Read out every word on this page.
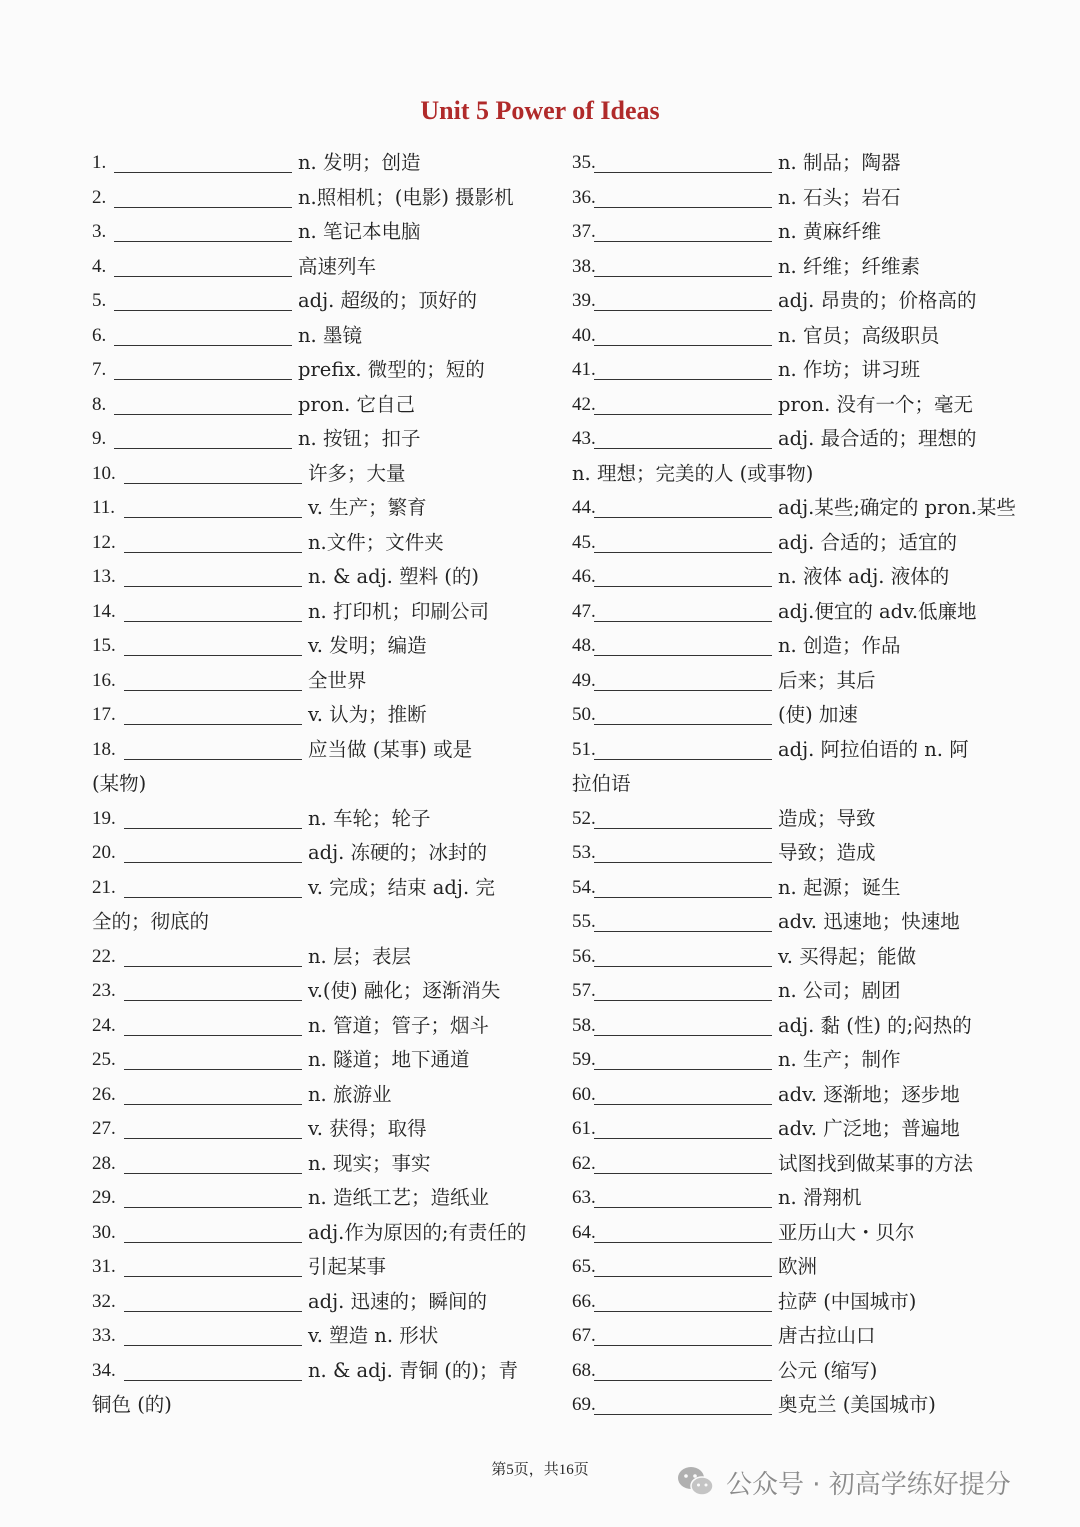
Unit 5 Power of Ideas
1.	n. 发明；创造
2.	n.照相机；(电影) 摄影机
3.	n. 笔记本电脑
4.	高速列车
5.	adj. 超级的；顶好的
6.	n. 墨镜
7.	prefix. 微型的；短的
8.	pron. 它自己
9.	n. 按钮；扣子
10.	许多；大量
11.	v. 生产；繁育
12.	n.文件；文件夹
13.	n. & adj. 塑料 (的)
14.	n. 打印机；印刷公司
15.	v. 发明；编造
16.	全世界
17.	v. 认为；推断
18.	应当做 (某事) 或是
(某物)
19.	n. 车轮；轮子
20.	adj. 冻硬的；冰封的
21.	v. 完成；结束 adj. 完
全的；彻底的
22.	n. 层；表层
23.	v.(使) 融化；逐渐消失
24.	n. 管道；管子；烟斗
25.	n. 隧道；地下通道
26.	n. 旅游业
27.	v. 获得；取得
28.	n. 现实；事实
29.	n. 造纸工艺；造纸业
30.	adj.作为原因的;有责任的
31.	引起某事
32.	adj. 迅速的；瞬间的
33.	v. 塑造 n. 形状
34.	n. & adj. 青铜 (的)；青
铜色 (的)
35.	n. 制品；陶器
36.	n. 石头；岩石
37.	n. 黄麻纤维
38.	n. 纤维；纤维素
39.	adj. 昂贵的；价格高的
40.	n. 官员；高级职员
41.	n. 作坊；讲习班
42.	pron. 没有一个；毫无
43.	adj. 最合适的；理想的
n. 理想；完美的人 (或事物)
44.	adj.某些;确定的 pron.某些
45.	adj. 合适的；适宜的
46.	n. 液体 adj. 液体的
47.	adj.便宜的 adv.低廉地
48.	n. 创造；作品
49.	后来；其后
50.	(使) 加速
51.	adj. 阿拉伯语的 n. 阿
拉伯语
52.	造成；导致
53.	导致；造成
54.	n. 起源；诞生
55.	adv. 迅速地；快速地
56.	v. 买得起；能做
57.	n. 公司；剧团
58.	adj. 黏 (性) 的;闷热的
59.	n. 生产；制作
60.	adv. 逐渐地；逐步地
61.	adv. 广泛地；普遍地
62.	试图找到做某事的方法
63.	n. 滑翔机
64.	亚历山大・贝尔
65.	欧洲
66.	拉萨 (中国城市)
67.	唐古拉山口
68.	公元 (缩写)
69.	奥克兰 (美国城市)
第5页，共16页	公众号 · 初高学练好提分
